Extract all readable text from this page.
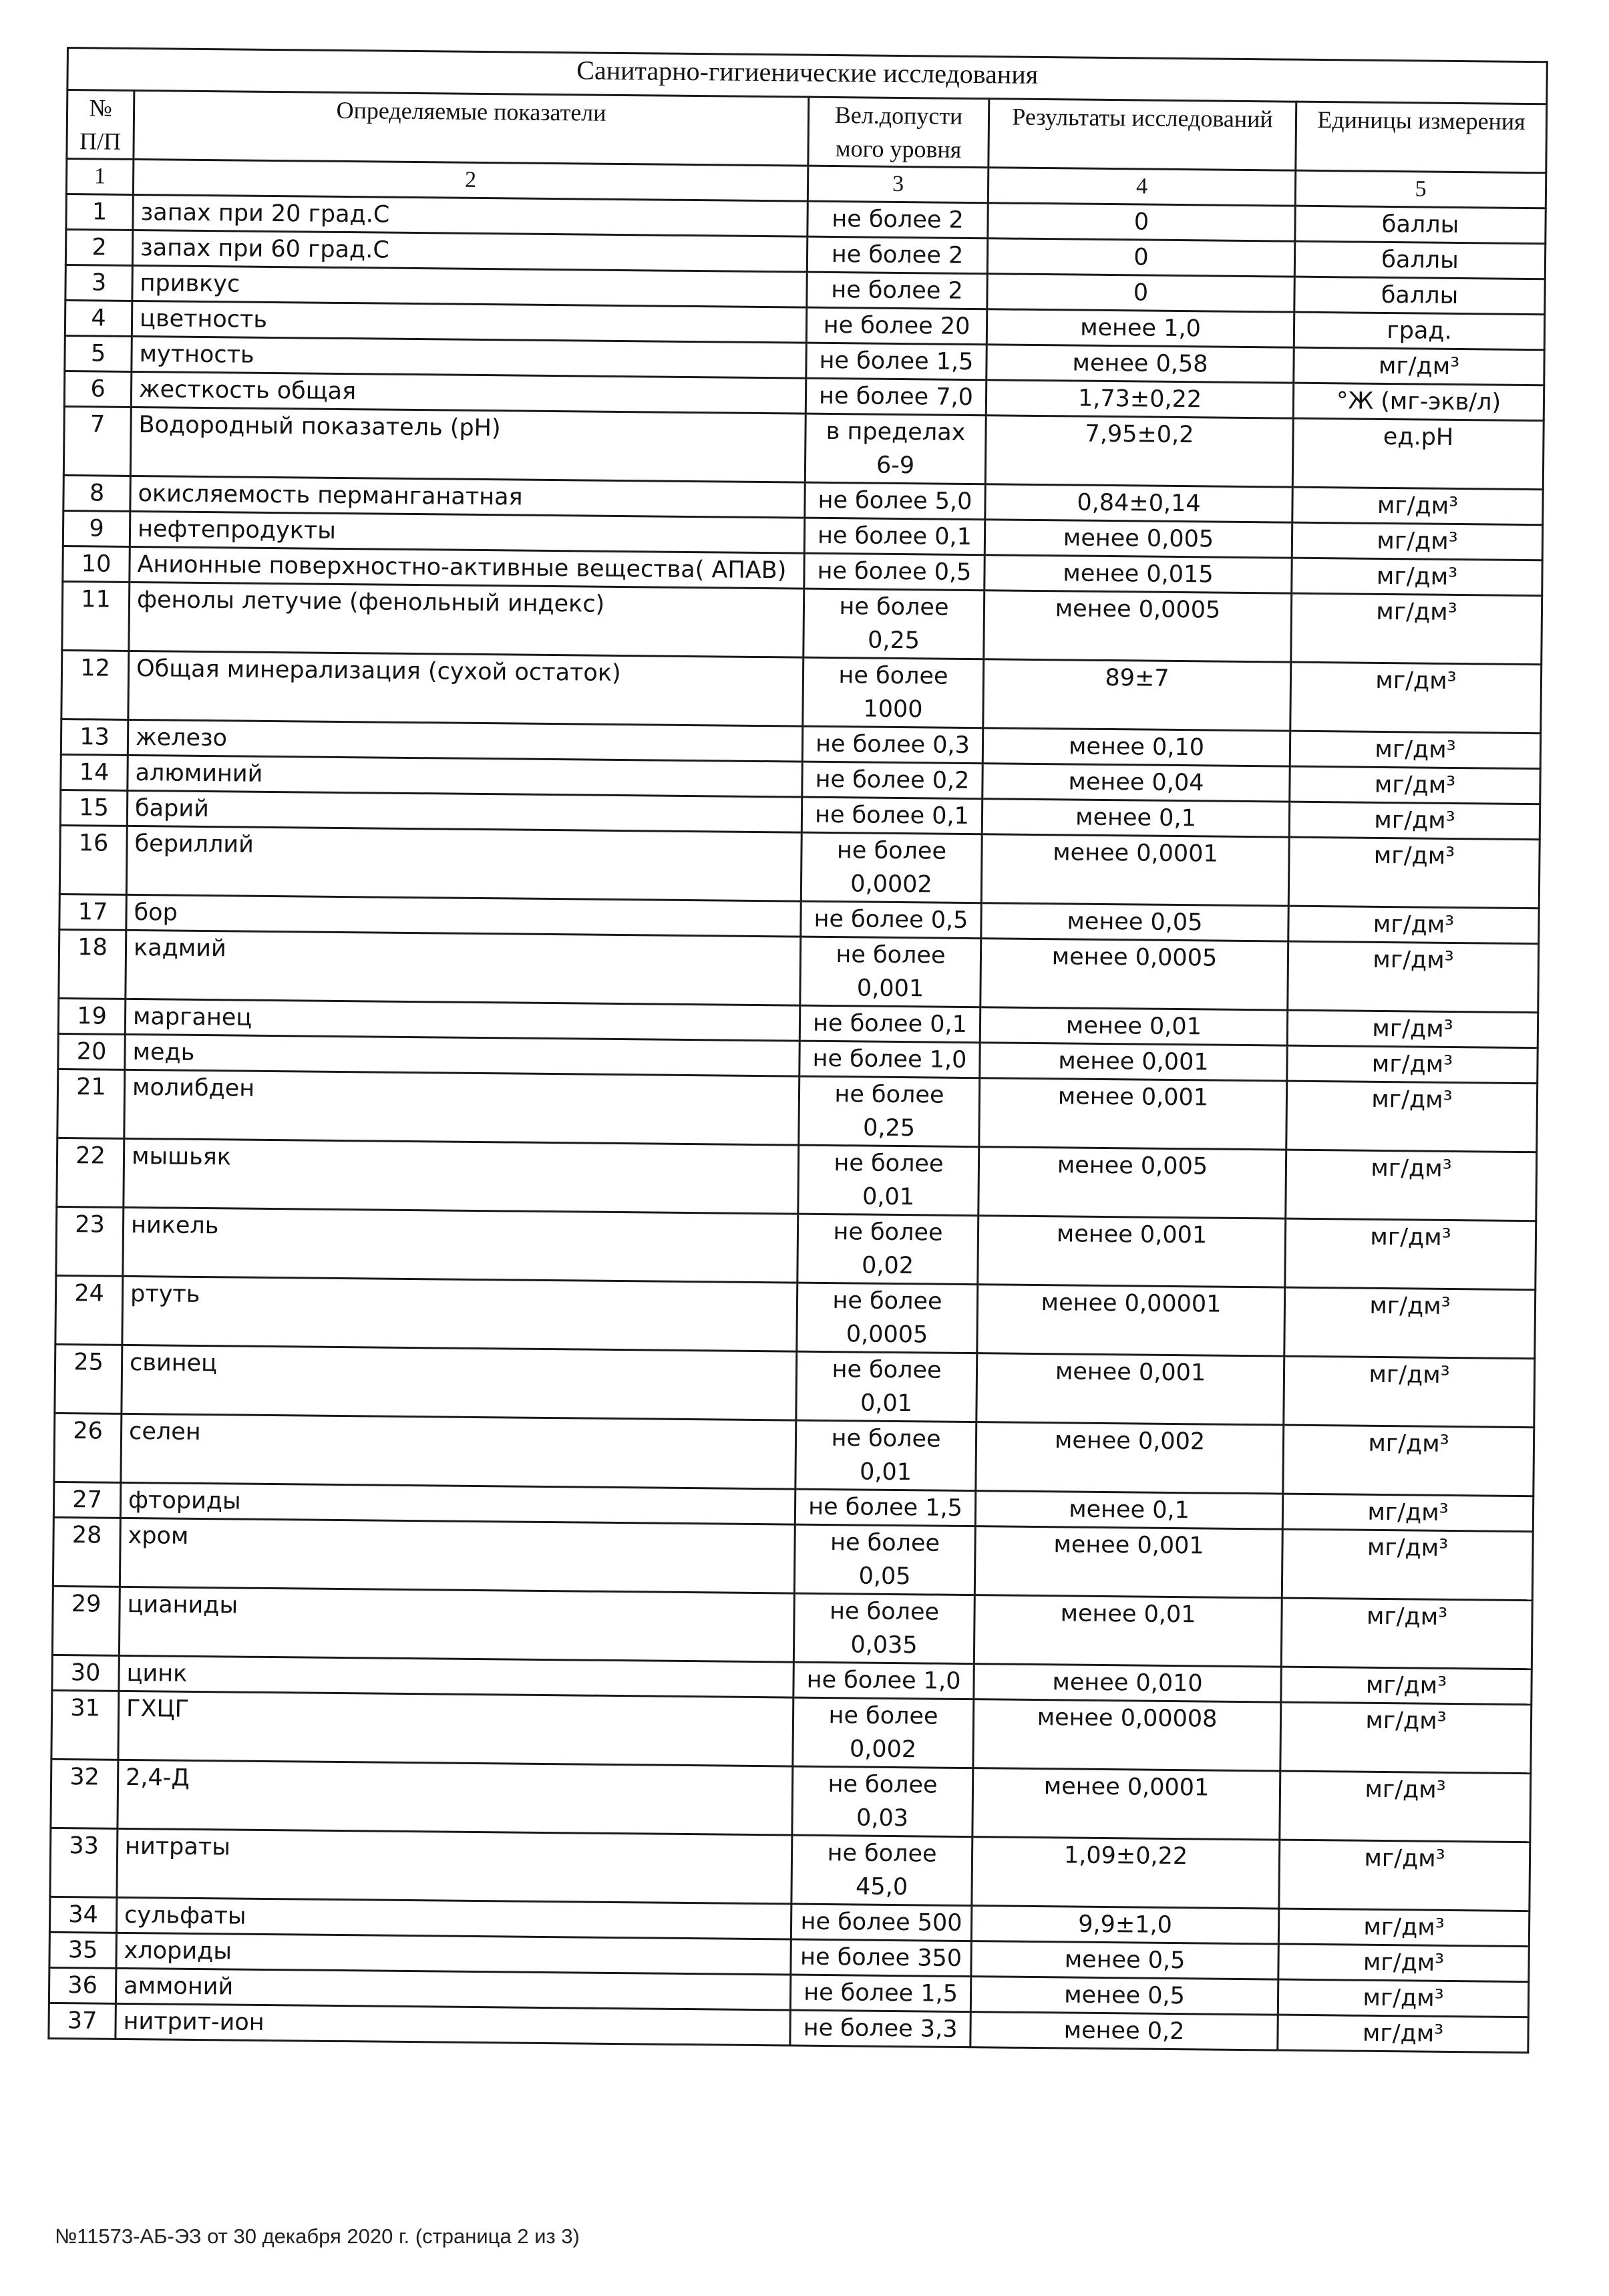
Санитарно-гигиенические исследования				
№ П/П	Определяемые показатели	Вел.допусти мого уровня	Результаты исследований	Единицы измерения
1	2	3	4	5
1	запах при 20 град.С	не более 2	0	баллы
2	запах при 60 град.С	не более 2	0	баллы
3	привкус	не более 2	0	баллы
4	цветность	не более 20	менее 1,0	град.
5	мутность	не более 1,5	менее 0,58	мг/дм³
6	жесткость общая	не более 7,0	1,73±0,22	°Ж (мг-экв/л)
7	Водородный показатель (pH)	в пределах 6-9	7,95±0,2	ед.рН
8	окисляемость перманганатная	не более 5,0	0,84±0,14	мг/дм³
9	нефтепродукты	не более 0,1	менее 0,005	мг/дм³
10	Анионные поверхностно-активные вещества( АПАВ)	не более 0,5	менее 0,015	мг/дм³
11	фенолы летучие (фенольный индекс)	не более 0,25	менее 0,0005	мг/дм³
12	Общая минерализация (сухой остаток)	не более 1000	89±7	мг/дм³
13	железо	не более 0,3	менее 0,10	мг/дм³
14	алюминий	не более 0,2	менее 0,04	мг/дм³
15	барий	не более 0,1	менее 0,1	мг/дм³
16	бериллий	не более 0,0002	менее 0,0001	мг/дм³
17	бор	не более 0,5	менее 0,05	мг/дм³
18	кадмий	не более 0,001	менее 0,0005	мг/дм³
19	марганец	не более 0,1	менее 0,01	мг/дм³
20	медь	не более 1,0	менее 0,001	мг/дм³
21	молибден	не более 0,25	менее 0,001	мг/дм³
22	мышьяк	не более 0,01	менее 0,005	мг/дм³
23	никель	не более 0,02	менее 0,001	мг/дм³
24	ртуть	не более 0,0005	менее 0,00001	мг/дм³
25	свинец	не более 0,01	менее 0,001	мг/дм³
26	селен	не более 0,01	менее 0,002	мг/дм³
27	фториды	не более 1,5	менее 0,1	мг/дм³
28	хром	не более 0,05	менее 0,001	мг/дм³
29	цианиды	не более 0,035	менее 0,01	мг/дм³
30	цинк	не более 1,0	менее 0,010	мг/дм³
31	ГХЦГ	не более 0,002	менее 0,00008	мг/дм³
32	2,4-Д	не более 0,03	менее 0,0001	мг/дм³
33	нитраты	не более 45,0	1,09±0,22	мг/дм³
34	сульфаты	не более 500	9,9±1,0	мг/дм³
35	хлориды	не более 350	менее 0,5	мг/дм³
36	аммоний	не более 1,5	менее 0,5	мг/дм³
37	нитрит-ион	не более 3,3	менее 0,2	мг/дм³
№11573-АБ-ЭЗ от 30 декабря 2020 г. (страница 2 из 3)
